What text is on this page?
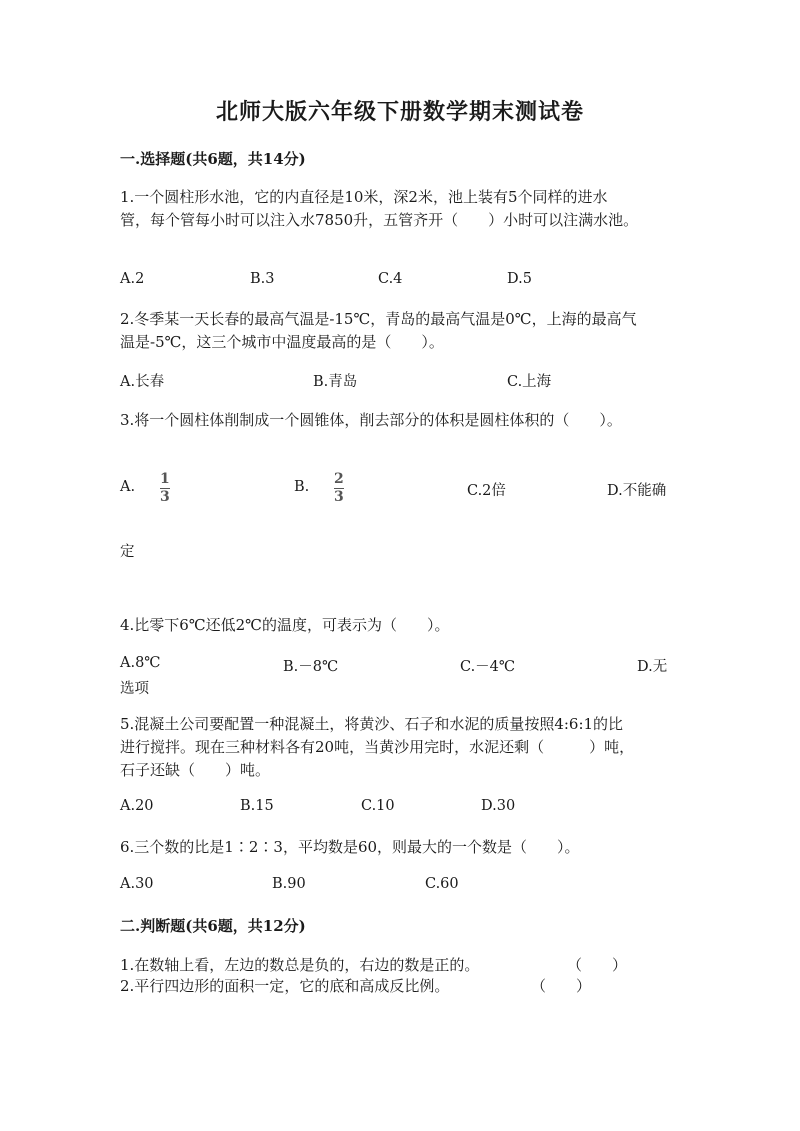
北师大版六年级下册数学期末测试卷
一.选择题(共6题，共14分)
1.一个圆柱形水池，它的内直径是10米，深2米，池上装有5个同样的进水
管，每个管每小时可以注入水7850升，五管齐开（　　）小时可以注满水池。
A.2	B.3	C.4	D.5
2.冬季某一天长春的最高气温是-15℃，青岛的最高气温是0℃，上海的最高气
温是-5℃，这三个城市中温度最高的是（　　）。
A.长春	B.青岛	C.上海
3.将一个圆柱体削制成一个圆锥体，削去部分的体积是圆柱体积的（　　）。
A. 1
3
B. 2
3	C.2倍	D.不能确
定
4.比零下6℃还低2℃的温度，可表示为（　　）。
A.8℃	B.－8℃	C.－4℃	D.无
选项
5.混凝土公司要配置一种混凝土，将黄沙、石子和水泥的质量按照4:6:1的比
进行搅拌。现在三种材料各有20吨，当黄沙用完时，水泥还剩（　　　）吨，
石子还缺（　　）吨。
A.20	B.15	C.10	D.30
6.三个数的比是1∶2∶3，平均数是60，则最大的一个数是（　　）。
A.30	B.90	C.60
二.判断题(共6题，共12分)
1.在数轴上看，左边的数总是负的，右边的数是正的。	（　　）
2.平行四边形的面积一定，它的底和高成反比例。	（　　）
